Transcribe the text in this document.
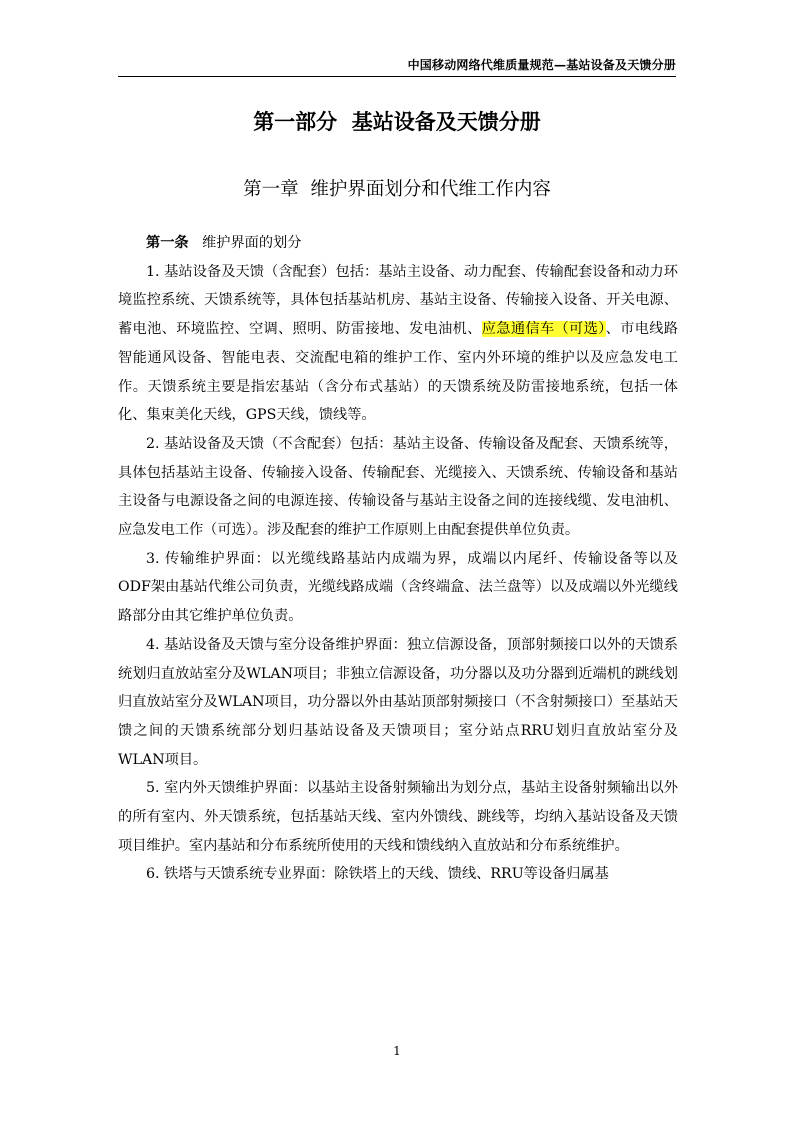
中国移动网络代维质量规范—基站设备及天馈分册
第一部分  基站设备及天馈分册
第一章  维护界面划分和代维工作内容

第一条 维护界面的划分

1. 基站设备及天馈（含配套）包括：基站主设备、动力配套、传输配套设备和动力环境监控系统、天馈系统等，具体包括基站机房、基站主设备、传输接入设备、开关电源、蓄电池、环境监控、空调、照明、防雷接地、发电油机、应急通信车（可选）、市电线路智能通风设备、智能电表、交流配电箱的维护工作、室内外环境的维护以及应急发电工作。天馈系统主要是指宏基站（含分布式基站）的天馈系统及防雷接地系统，包括一体化、集束美化天线，GPS天线，馈线等。

2. 基站设备及天馈（不含配套）包括：基站主设备、传输设备及配套、天馈系统等，具体包括基站主设备、传输接入设备、传输配套、光缆接入、天馈系统、传输设备和基站主设备与电源设备之间的电源连接、传输设备与基站主设备之间的连接线缆、发电油机、应急发电工作（可选）。涉及配套的维护工作原则上由配套提供单位负责。

3. 传输维护界面：以光缆线路基站内成端为界，成端以内尾纤、传输设备等以及ODF架由基站代维公司负责，光缆线路成端（含终端盒、法兰盘等）以及成端以外光缆线路部分由其它维护单位负责。

4. 基站设备及天馈与室分设备维护界面：独立信源设备，顶部射频接口以外的天馈系统划归直放站室分及WLAN项目；非独立信源设备，功分器以及功分器到近端机的跳线划归直放站室分及WLAN项目，功分器以外由基站顶部射频接口（不含射频接口）至基站天馈之间的天馈系统部分划归基站设备及天馈项目；室分站点RRU划归直放站室分及WLAN项目。

5. 室内外天馈维护界面：以基站主设备射频输出为划分点，基站主设备射频输出以外的所有室内、外天馈系统，包括基站天线、室内外馈线、跳线等，均纳入基站设备及天馈项目维护。室内基站和分布系统所使用的天线和馈线纳入直放站和分布系统维护。

6. 铁塔与天馈系统专业界面：除铁塔上的天线、馈线、RRU等设备归属基

1
